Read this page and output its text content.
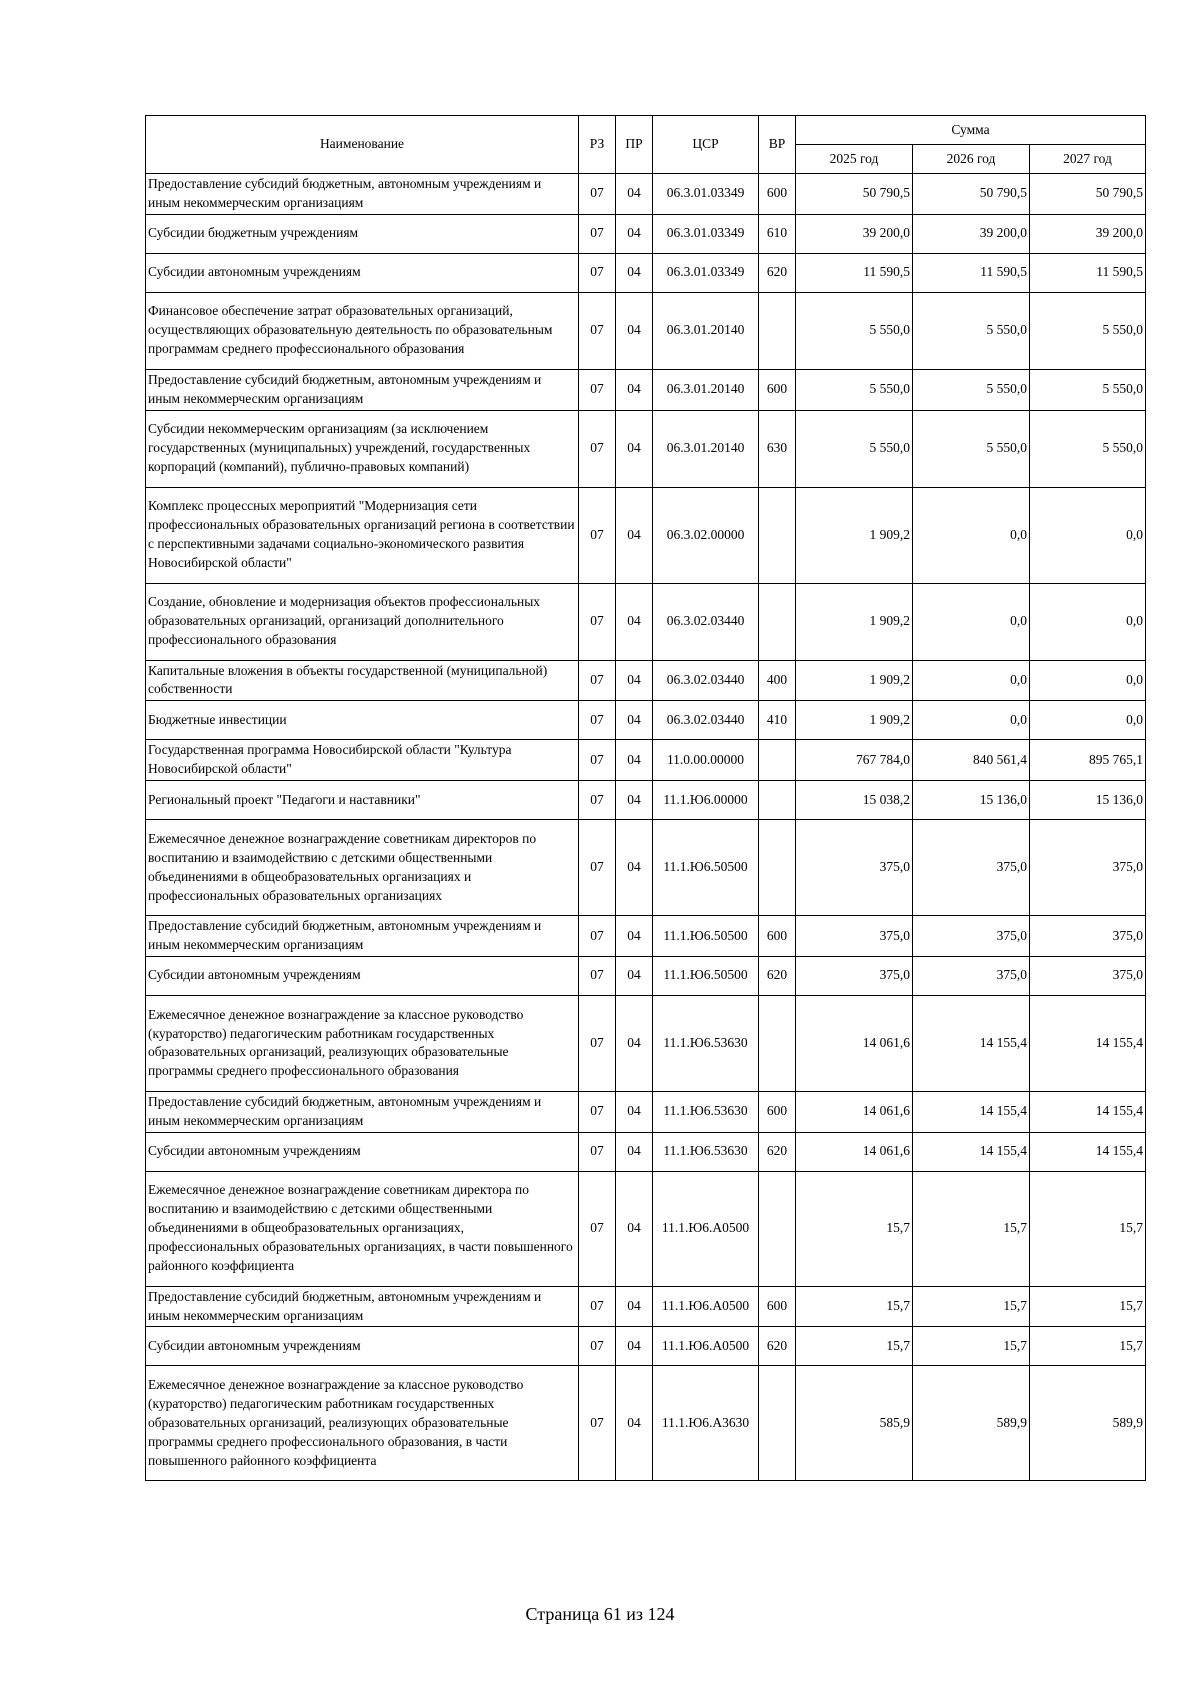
Наименование	РЗ	ПР	ЦСР	ВР	Сумма		
					2025 год	2026 год	2027 год
Предоставление субсидий бюджетным, автономным учреждениям и иным некоммерческим организациям	07	04	06.3.01.03349	600	50 790,5	50 790,5	50 790,5
Субсидии бюджетным учреждениям	07	04	06.3.01.03349	610	39 200,0	39 200,0	39 200,0
Субсидии автономным учреждениям	07	04	06.3.01.03349	620	11 590,5	11 590,5	11 590,5
Финансовое обеспечение затрат образовательных организаций, осуществляющих образовательную деятельность по образовательным программам среднего профессионального образования	07	04	06.3.01.20140		5 550,0	5 550,0	5 550,0
Предоставление субсидий бюджетным, автономным учреждениям и иным некоммерческим организациям	07	04	06.3.01.20140	600	5 550,0	5 550,0	5 550,0
Субсидии некоммерческим организациям (за исключением государственных (муниципальных) учреждений, государственных корпораций (компаний), публично-правовых компаний)	07	04	06.3.01.20140	630	5 550,0	5 550,0	5 550,0
Комплекс процессных мероприятий "Модернизация сети профессиональных образовательных организаций региона в соответствии с перспективными задачами социально-экономического развития Новосибирской области"	07	04	06.3.02.00000		1 909,2	0,0	0,0
Создание, обновление и модернизация объектов профессиональных образовательных организаций, организаций дополнительного профессионального образования	07	04	06.3.02.03440		1 909,2	0,0	0,0
Капитальные вложения в объекты государственной (муниципальной) собственности	07	04	06.3.02.03440	400	1 909,2	0,0	0,0
Бюджетные инвестиции	07	04	06.3.02.03440	410	1 909,2	0,0	0,0
Государственная программа Новосибирской области "Культура Новосибирской области"	07	04	11.0.00.00000		767 784,0	840 561,4	895 765,1
Региональный проект "Педагоги и наставники"	07	04	11.1.Ю6.00000		15 038,2	15 136,0	15 136,0
Ежемесячное денежное вознаграждение советникам директоров по воспитанию и взаимодействию с детскими общественными объединениями в общеобразовательных организациях и профессиональных образовательных организациях	07	04	11.1.Ю6.50500		375,0	375,0	375,0
Предоставление субсидий бюджетным, автономным учреждениям и иным некоммерческим организациям	07	04	11.1.Ю6.50500	600	375,0	375,0	375,0
Субсидии автономным учреждениям	07	04	11.1.Ю6.50500	620	375,0	375,0	375,0
Ежемесячное денежное вознаграждение за классное руководство (кураторство) педагогическим работникам государственных образовательных организаций, реализующих образовательные программы среднего профессионального образования	07	04	11.1.Ю6.53630		14 061,6	14 155,4	14 155,4
Предоставление субсидий бюджетным, автономным учреждениям и иным некоммерческим организациям	07	04	11.1.Ю6.53630	600	14 061,6	14 155,4	14 155,4
Субсидии автономным учреждениям	07	04	11.1.Ю6.53630	620	14 061,6	14 155,4	14 155,4
Ежемесячное денежное вознаграждение советникам директора по воспитанию и взаимодействию с детскими общественными объединениями в общеобразовательных организациях, профессиональных образовательных организациях, в части повышенного районного коэффициента	07	04	11.1.Ю6.А0500		15,7	15,7	15,7
Предоставление субсидий бюджетным, автономным учреждениям и иным некоммерческим организациям	07	04	11.1.Ю6.А0500	600	15,7	15,7	15,7
Субсидии автономным учреждениям	07	04	11.1.Ю6.А0500	620	15,7	15,7	15,7
Ежемесячное денежное вознаграждение за классное руководство (кураторство) педагогическим работникам государственных образовательных организаций, реализующих образовательные программы среднего профессионального образования, в части повышенного районного коэффициента	07	04	11.1.Ю6.А3630		585,9	589,9	589,9
Страница 61 из 124
